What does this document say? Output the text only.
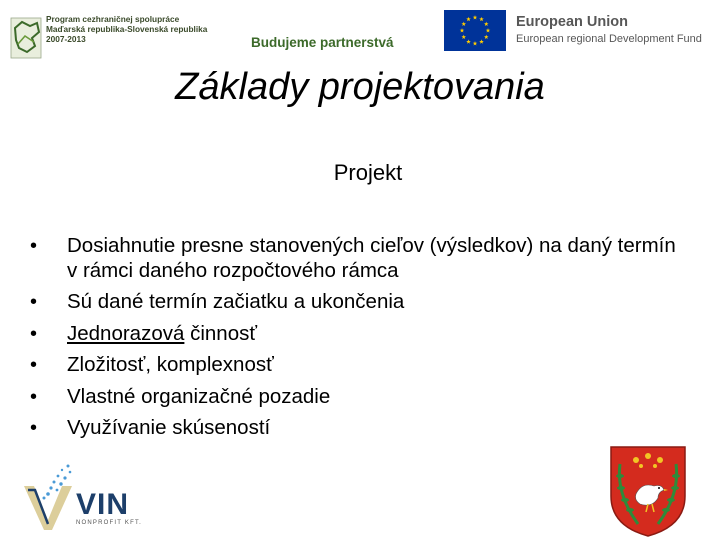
Program cezhraničnej spolupráce
Maďarská republika-Slovenská republika
2007-2013	Budujeme partnerstvá
European Union
European regional Development Fund
Základy projektovania
Projekt
• Dosiahnutie presne stanovených cieľov (výsledkov) na daný termín v rámci daného rozpočtového rámca
• Sú dané termín začiatku a ukončenia
• Jednorazová činnosť
• Zložitosť, komplexnosť
• Vlastné organizačné pozadie
• Využívanie skúseností
VIN
NONPROFIT KFT.
